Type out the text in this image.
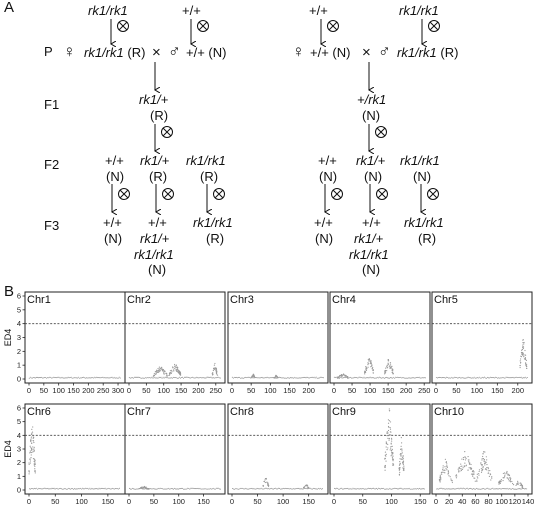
A
P
F1
F2
F3
rk1/rk1	+/+
♀ rk1/rk1 (R) × ♂ +/+ (N)
rk1/+
(R)
+/+
(N)
rk1/+
(R)
rk1/rk1
(R)
+/+
(N)
+/+
rk1/+
rk1/rk1
(N)
rk1/rk1
(R)
+/+	rk1/rk1
♀ +/+ (N) × ♂ rk1/rk1 (R)
+/rk1
(N)
+/+
(N)
rk1/+
(N)
rk1/rk1
(N)
+/+
(N)
+/+
rk1/+
rk1/rk1
(N)
rk1/rk1
(R)
B Chr1
0 50 100 150 200 250 300
0
1
2
3
4
5
6
ED4
Chr2
0 50 100 150 200 250
Chr3
0 50 100 150 200
Chr4
0 50 100 150 200 250
Chr5
0 50 100 150 200
Chr6
0	50 100 150
0
1
2
3
4
5
6
ED4
Chr7
0 50 100 150
Chr8
0	50 100 150
Chr9
0	50 100 150
Chr10
0 20 40 60 80 100 120 140
